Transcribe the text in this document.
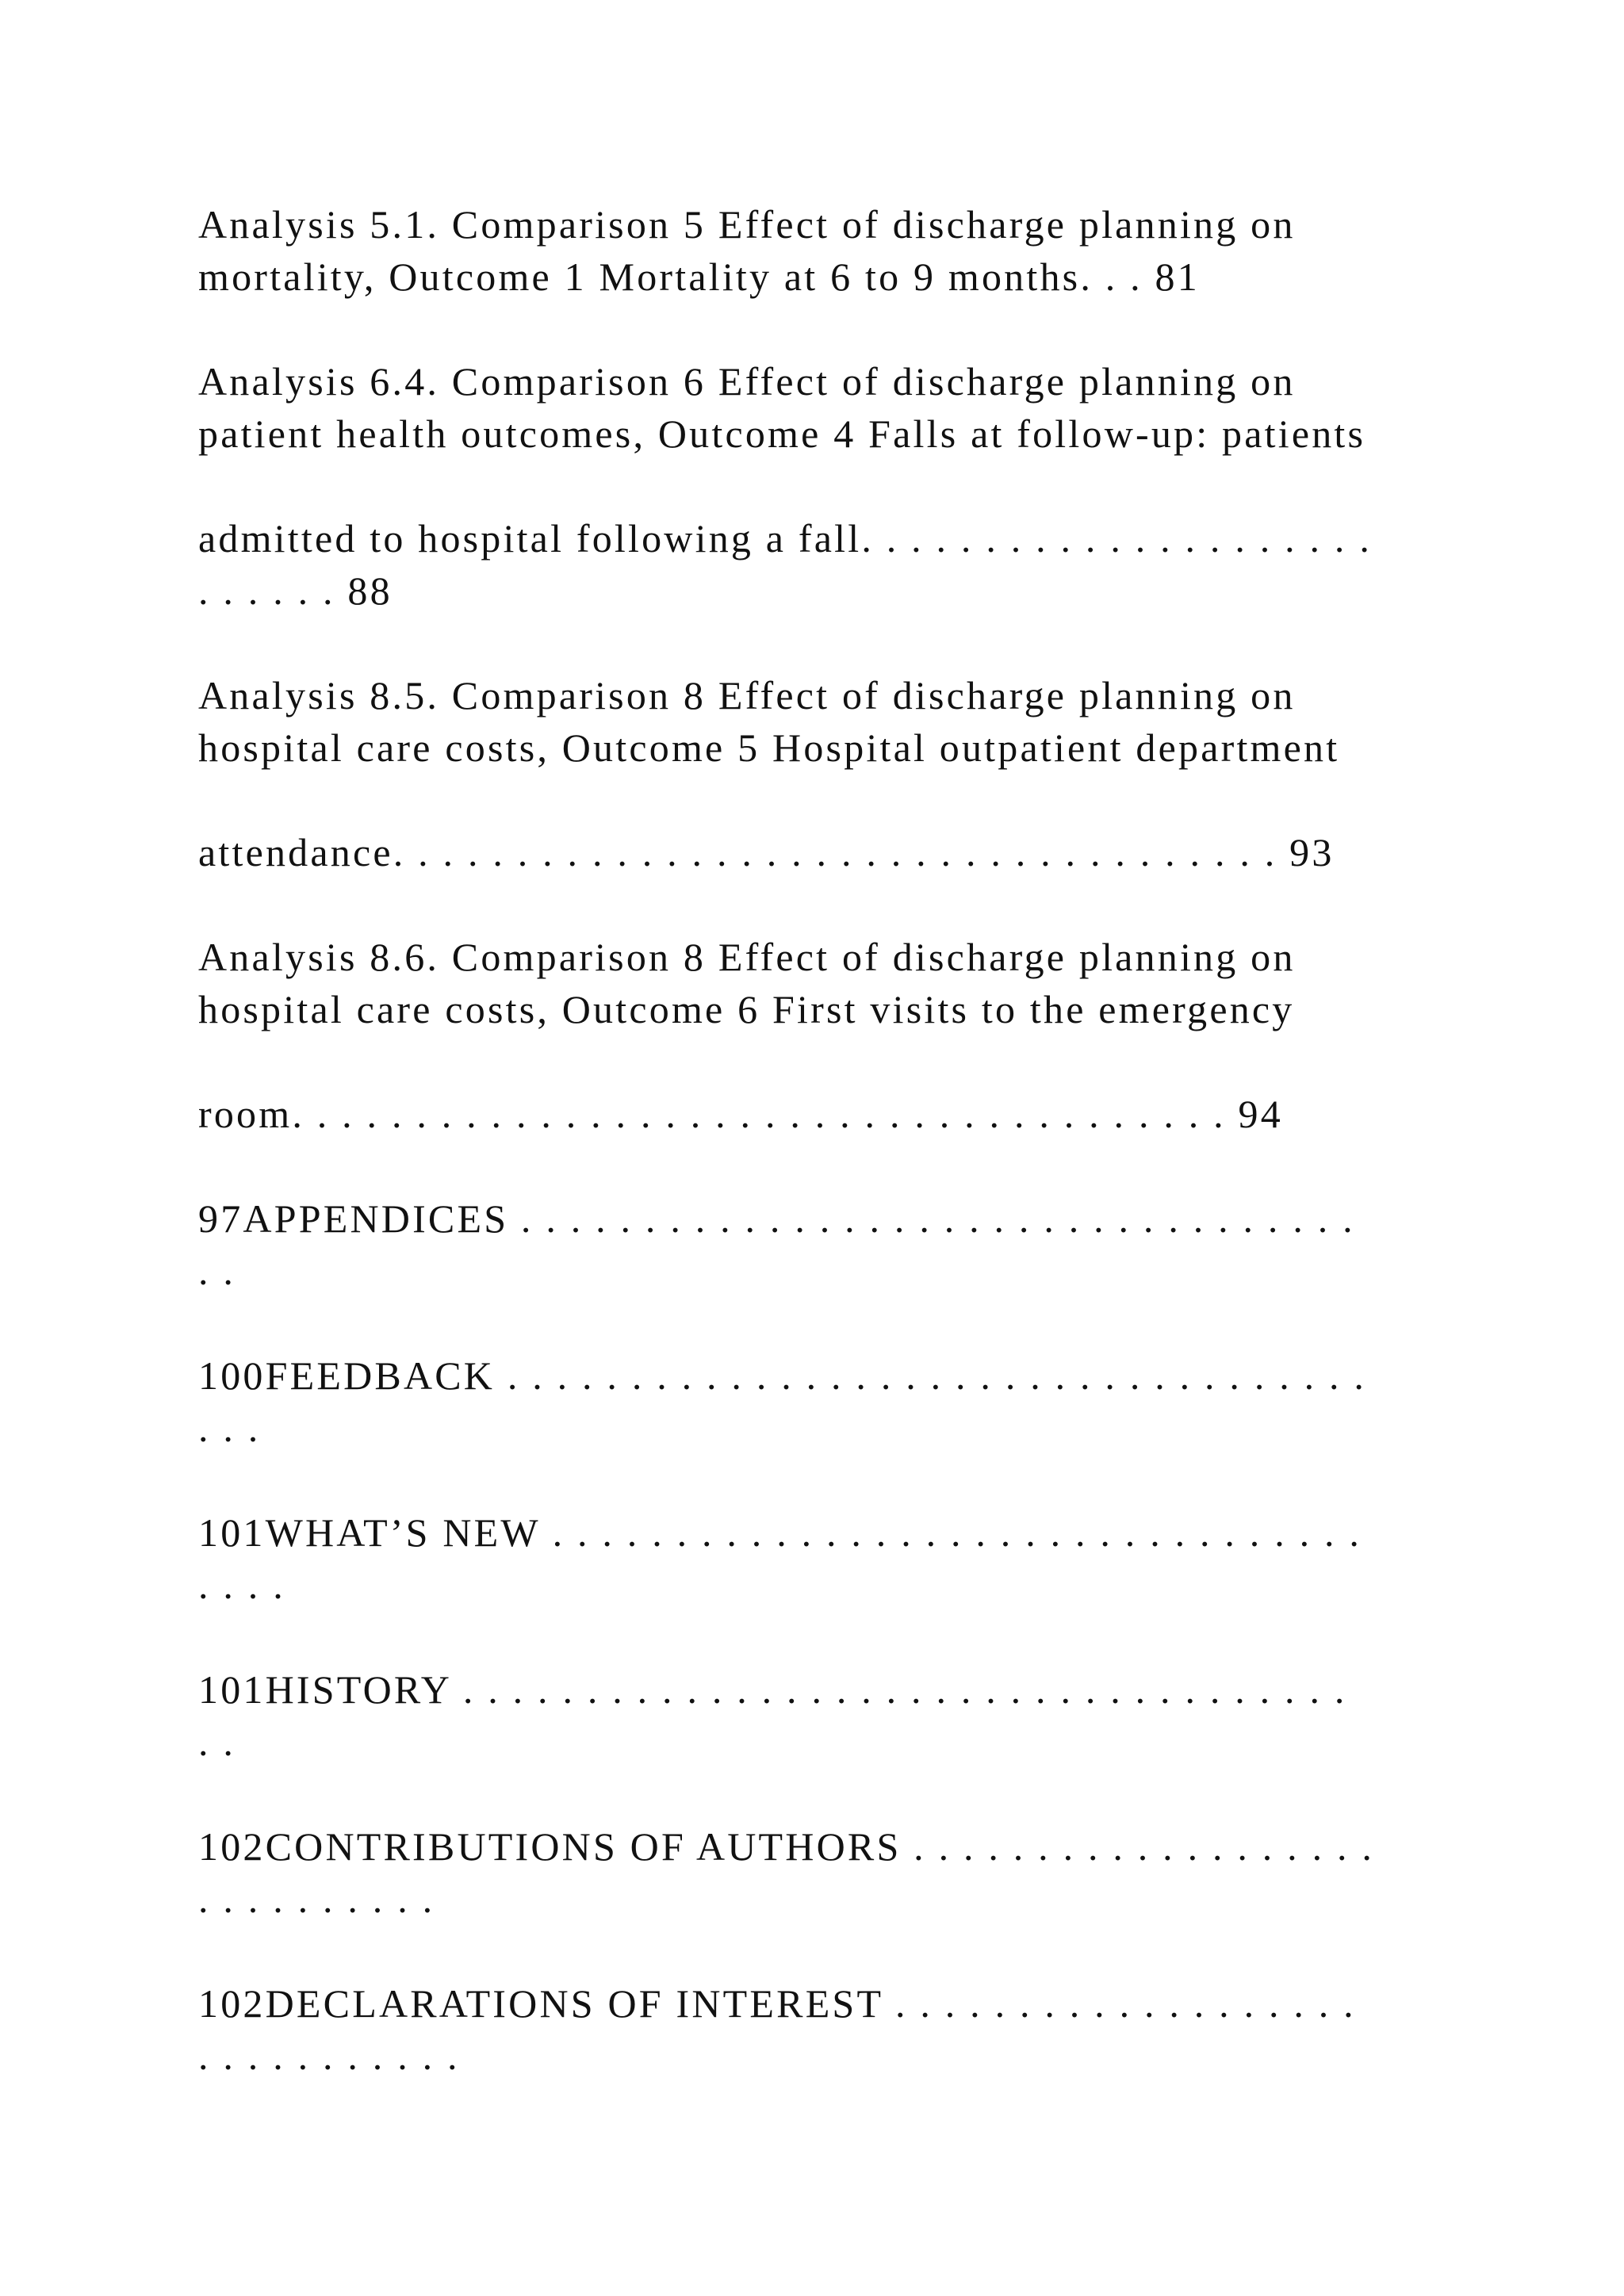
Analysis 5.1. Comparison 5 Effect of discharge planning on

mortality, Outcome 1 Mortality at 6 to 9 months. . . 81

Analysis 6.4. Comparison 6 Effect of discharge planning on

patient health outcomes, Outcome 4 Falls at follow-up: patients

admitted to hospital following a fall. . . . . . . . . . . . . . . . . . . . .

. . . . . . 88

Analysis 8.5. Comparison 8 Effect of discharge planning on

hospital care costs, Outcome 5 Hospital outpatient department

attendance. . . . . . . . . . . . . . . . . . . . . . . . . . . . . . . . . . . . 93

Analysis 8.6. Comparison 8 Effect of discharge planning on

hospital care costs, Outcome 6 First visits to the emergency

room. . . . . . . . . . . . . . . . . . . . . . . . . . . . . . . . . . . . . . 94

97APPENDICES . . . . . . . . . . . . . . . . . . . . . . . . . . . . . . . . . .

. .

100FEEDBACK . . . . . . . . . . . . . . . . . . . . . . . . . . . . . . . . . . .

. . .

101WHAT’S NEW . . . . . . . . . . . . . . . . . . . . . . . . . . . . . . . . .

. . . .

101HISTORY . . . . . . . . . . . . . . . . . . . . . . . . . . . . . . . . . . . .

. .

102CONTRIBUTIONS OF AUTHORS . . . . . . . . . . . . . . . . . . .

. . . . . . . . . .

102DECLARATIONS OF INTEREST . . . . . . . . . . . . . . . . . . .

. . . . . . . . . . .
